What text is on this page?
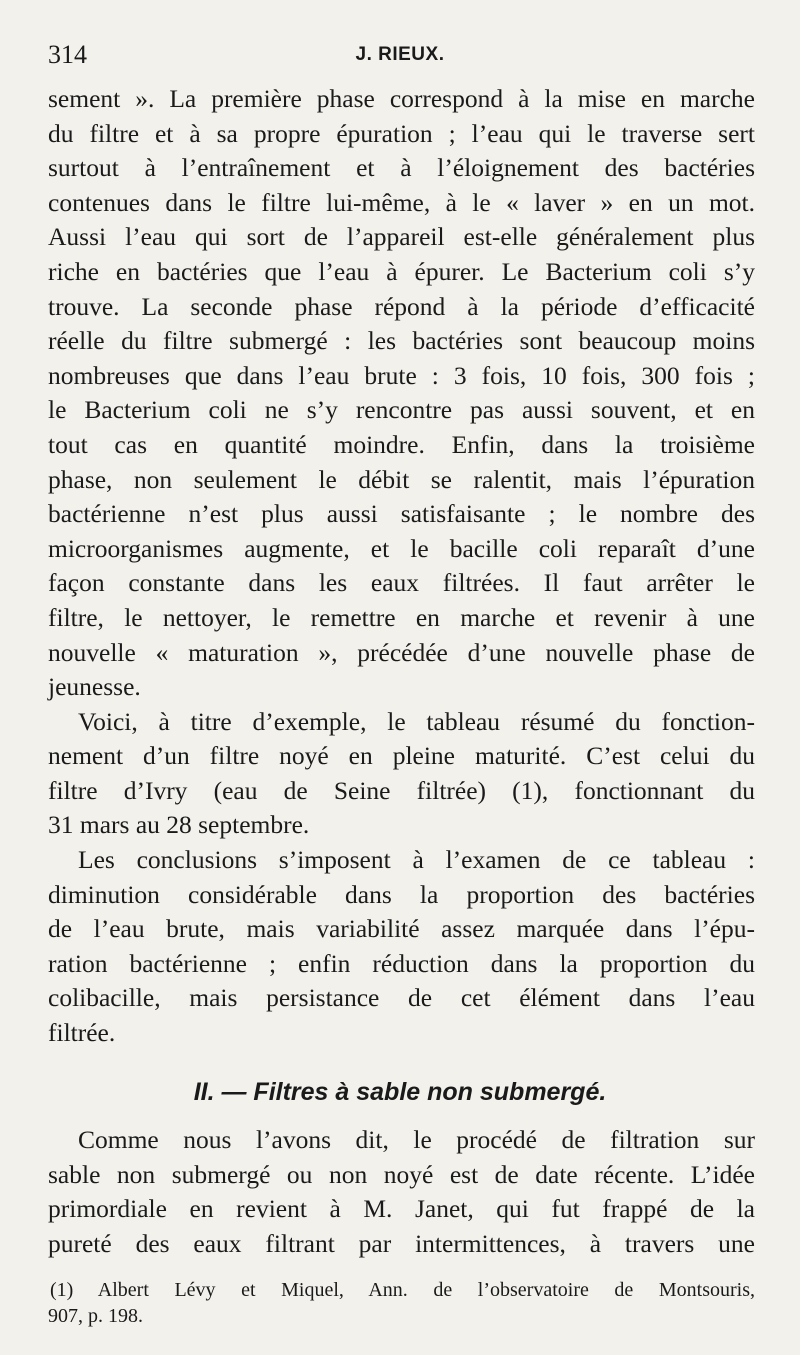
314	J. RIEUX.
sement ». La première phase correspond à la mise en marche
du filtre et à sa propre épuration ; l’eau qui le traverse sert
surtout à l’entraînement et à l’éloignement des bactéries
contenues dans le filtre lui-même, à le « laver » en un mot.
Aussi l’eau qui sort de l’appareil est-elle généralement plus
riche en bactéries que l’eau à épurer. Le Bacterium coli s’y
trouve. La seconde phase répond à la période d’efficacité
réelle du filtre submergé : les bactéries sont beaucoup moins
nombreuses que dans l’eau brute : 3 fois, 10 fois, 300 fois ;
le Bacterium coli ne s’y rencontre pas aussi souvent, et en
tout cas en quantité moindre. Enfin, dans la troisième
phase, non seulement le débit se ralentit, mais l’épuration
bactérienne n’est plus aussi satisfaisante ; le nombre des
microorganismes augmente, et le bacille coli reparaît d’une
façon constante dans les eaux filtrées. Il faut arrêter le
filtre, le nettoyer, le remettre en marche et revenir à une
nouvelle « maturation », précédée d’une nouvelle phase de
jeunesse.
Voici, à titre d’exemple, le tableau résumé du fonction-
nement d’un filtre noyé en pleine maturité. C’est celui du
filtre d’Ivry (eau de Seine filtrée) (1), fonctionnant du
31 mars au 28 septembre.
Les conclusions s’imposent à l’examen de ce tableau :
diminution considérable dans la proportion des bactéries
de l’eau brute, mais variabilité assez marquée dans l’épu-
ration bactérienne ; enfin réduction dans la proportion du
colibacille, mais persistance de cet élément dans l’eau
filtrée.
II. — Filtres à sable non submergé.
Comme nous l’avons dit, le procédé de filtration sur
sable non submergé ou non noyé est de date récente. L’idée
primordiale en revient à M. Janet, qui fut frappé de la
pureté des eaux filtrant par intermittences, à travers une
(1) Albert Lévy et Miquel, Ann. de l’observatoire de Montsouris,
907, p. 198.
